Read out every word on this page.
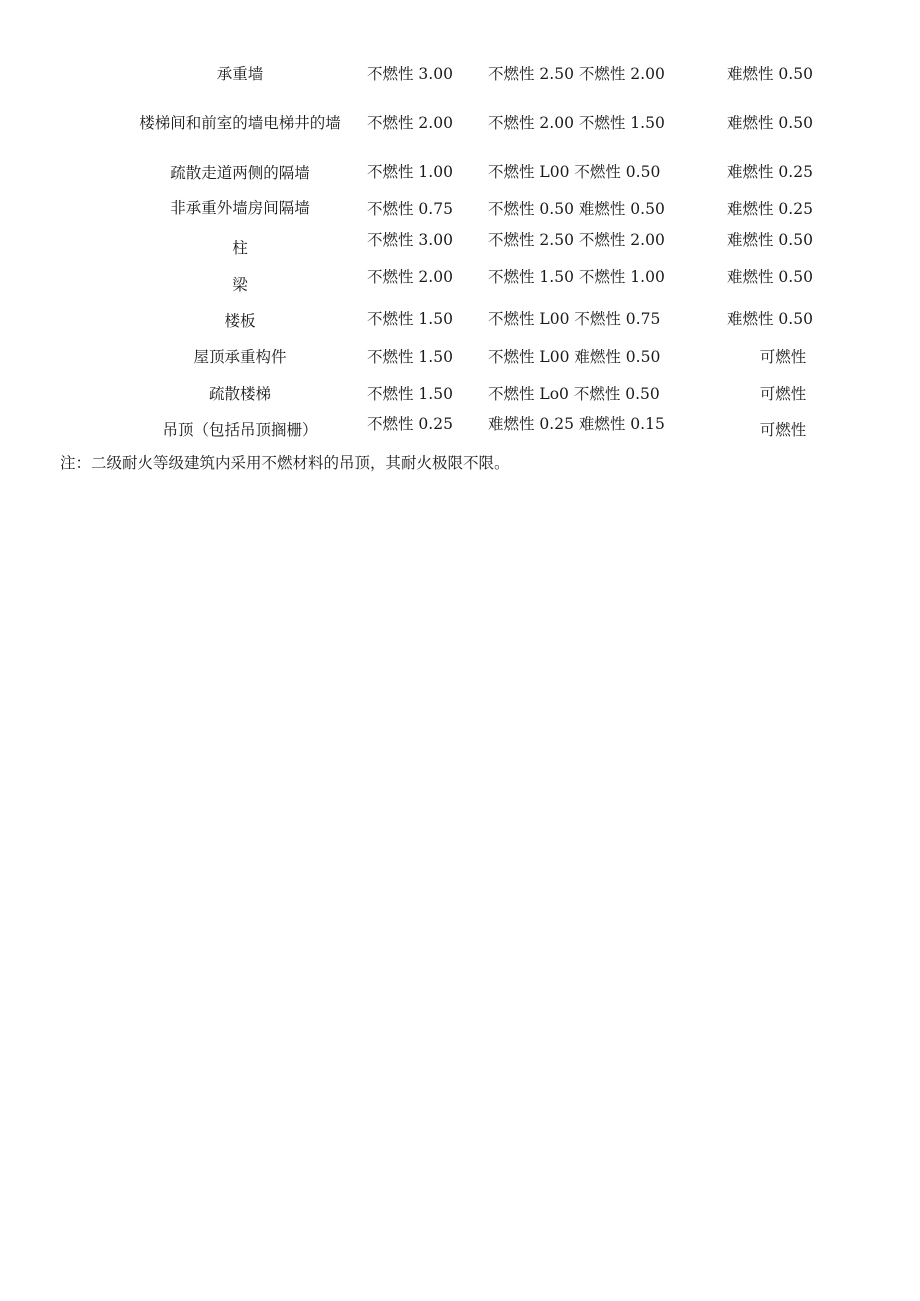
承重墙	不燃性 3.00 不燃性 2.50 不燃性 2.00	难燃性 0.50
楼梯间和前室的墙电梯井的墙	不燃性 2.00 不燃性 2.00 不燃性 1.50	难燃性 0.50
疏散走道两侧的隔墙	不燃性 1.00 不燃性 L00 不燃性 0.50	难燃性 0.25
非承重外墙房间隔墙	不燃性 0.75 不燃性 0.50 难燃性 0.50	难燃性 0.25
柱	不燃性 3.00 不燃性 2.50 不燃性 2.00	难燃性 0.50
梁	不燃性 2.00 不燃性 1.50 不燃性 1.00	难燃性 0.50
楼板	不燃性 1.50 不燃性 L00 不燃性 0.75	难燃性 0.50
屋顶承重构件	不燃性 1.50 不燃性 L00 难燃性 0.50	可燃性
疏散楼梯	不燃性 1.50 不燃性 Lo0 不燃性 0.50	可燃性
吊顶（包括吊顶搁栅）	不燃性 0.25 难燃性 0.25 难燃性 0.15	可燃性
注：二级耐火等级建筑内采用不燃材料的吊顶，其耐火极限不限。
